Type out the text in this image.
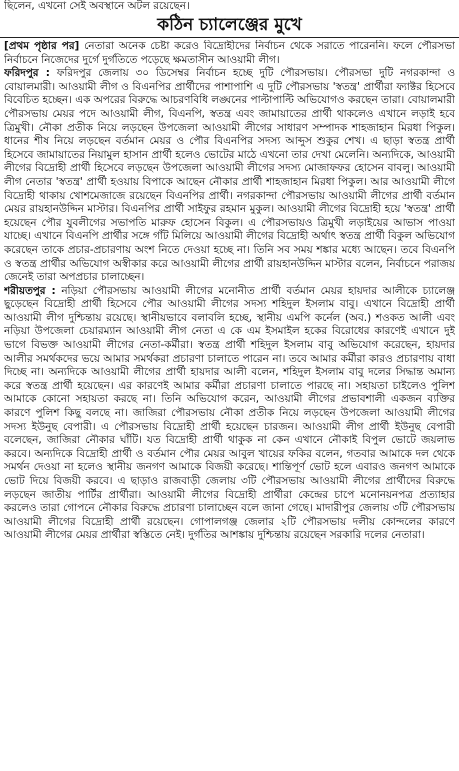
ছিলেন, এখনো সেই অবস্থানে অটল রয়েছেন।
কঠিন চ্যালেঞ্জের মুখে

[প্রথম পৃষ্ঠার পর] নেতারা অনেক চেষ্টা করেও বিদ্রোহীদের নির্বাচন থেকে সরাতে পারেননি। ফলে পৌরসভা নির্বাচনে নিজেদের দুর্গে দুর্গতিতে পড়েছে ক্ষমতাসীন আওয়ামী লীগ।

ফরিদপুর : ফরিদপুর জেলায় ৩০ ডিসেম্বর নির্বাচন হচ্ছে দুটি পৌরসভায়। পৌরসভা দুটি নগরকান্দা ও বোয়ালমারী। আওয়ামী লীগ ও বিএনপির প্রার্থীদের পাশাপাশি এ দুটি পৌরসভায় 'স্বতন্ত্র' প্রার্থীরা ফ্যাক্টর হিসেবে বিবেচিত হচ্ছেন। এক অপরের বিরুদ্ধে আচরণবিধি লঙ্ঘনের পাল্টাপাল্টি অভিযোগও করছেন তারা। বোয়ালমারী পৌরসভায় মেয়র পদে আওয়ামী লীগ, বিএনপি, স্বতন্ত্র এবং জামায়াতের প্রার্থী থাকলেও এখানে লড়াই হবে ত্রিমুখী। নৌকা প্রতীক নিয়ে লড়ছেন উপজেলা আওয়ামী লীগের সাধারণ সম্পাদক শাহজাহান মিরধা পিকুল। ধানের শীষ নিয়ে লড়ছেন বর্তমান মেয়র ও পৌর বিএনপির সদস্য আব্দুস শুকুর শেখ। এ ছাড়া স্বতন্ত্র প্রার্থী হিসেবে জামায়াতের নিয়ামুল হাসান প্রার্থী হলেও ভোটের মাঠে এখনো তার দেখা মেলেনি। অন্যদিকে, আওয়ামী লীগের বিদ্রোহী প্রার্থী হিসেবে লড়ছেন উপজেলা আওয়ামী লীগের সদস্য মোজাফফর হোসেন বাবলু। আওয়ামী লীগ নেতার 'স্বতন্ত্র' প্রার্থী হওয়ায় বিপাকে আছেন নৌকার প্রার্থী শাহজাহান মিরধা পিকুল। আর আওয়ামী লীগে বিদ্রোহী থাকায় খোশমেজাজে রয়েছেন বিএনপির প্রার্থী। নগরকান্দা পৌরসভায় আওয়ামী লীগের প্রার্থী বর্তমান মেয়র রায়হানউদ্দিন মাস্টার। বিএনপির প্রার্থী সাইফুর রহমান মুকুল। আওয়ামী লীগের বিদ্রোহী হয়ে 'স্বতন্ত্র' প্রার্থী হয়েছেন পৌর যুবলীগের সভাপতি মারুফ হোসেন বিকুল। এ পৌরসভায়ও ত্রিমুখী লড়াইয়ের আভাস পাওয়া যাচ্ছে। এখানে বিএনপি প্রার্থীর সঙ্গে গাঁট মিলিয়ে আওয়ামী লীগের বিদ্রোহী অর্থাৎ স্বতন্ত্র প্রার্থী বিকুল অভিযোগ করেছেন তাকে প্রচার-প্রচারণায় অংশ নিতে দেওয়া হচ্ছে না। তিনি সব সময় শঙ্কার মধ্যে আছেন। তবে বিএনপি ও স্বতন্ত্র প্রার্থীর অভিযোগ অস্বীকার করে আওয়ামী লীগের প্রার্থী রায়হানউদ্দিন মাস্টার বলেন, নির্বাচনে পরাজয় জেনেই তারা অপপ্রচার চালাচ্ছেন।

শরীয়তপুর : নড়িয়া পৌরসভায় আওয়ামী লীগের মনোনীত প্রার্থী বর্তমান মেয়র হায়দার আলীকে চ্যালেঞ্জ ছুড়েছেন বিদ্রোহী প্রার্থী হিসেবে পৌর আওয়ামী লীগের সদস্য শহিদুল ইসলাম বাবু। এখানে বিদ্রোহী প্রার্থী আওয়ামী লীগ দুশ্চিন্তায় রয়েছে। স্থানীয়ভাবে বলাবলি হচ্ছে, স্থানীয় এমপি কর্নেল (অব.) শওকত আলী এবং নড়িয়া উপজেলা চেয়ারম্যান আওয়ামী লীগ নেতা এ কে এম ইসমাইল হকের বিরোধের কারণেই এখানে দুই ভাগে বিভক্ত আওয়ামী লীগের নেতা-কর্মীরা। স্বতন্ত্র প্রার্থী শহিদুল ইসলাম বাবু অভিযোগ করেছেন, হায়দার আলীর সমর্থকদের ভয়ে আমার সমর্থকরা প্রচারণা চালাতে পারেন না। তবে আমার কর্মীরা কারও প্রচারণায় বাধা দিচ্ছে না। অন্যদিকে আওয়ামী লীগের প্রার্থী হায়দার আলী বলেন, শহিদুল ইসলাম বাবু দলের সিদ্ধান্ত অমান্য করে স্বতন্ত্র প্রার্থী হয়েছেন। এর কারণেই আমার কর্মীরা প্রচারণা চালাতে পারছে না। সহায়তা চাইলেও পুলিশ আমাকে কোনো সহায়তা করছে না। তিনি অভিযোগ করেন, আওয়ামী লীগের প্রভাবশালী একজন ব্যক্তির কারণে পুলিশ কিছু বলছে না। জাজিরা পৌরসভায় নৌকা প্রতীক নিয়ে লড়ছেন উপজেলা আওয়ামী লীগের সদস্য ইউনুছ বেপারী। এ পৌরসভায় বিদ্রোহী প্রার্থী হয়েছেন চারজন। আওয়ামী লীগ প্রার্থী ইউনুছ বেপারী বলেছেন, জাজিরা নৌকার ঘাঁটি। যত বিদ্রোহী প্রার্থী থাকুক না কেন এখানে নৌকাই বিপুল ভোটে জয়লাভ করবে। অন্যদিকে বিদ্রোহী প্রার্থী ও বর্তমান পৌর মেয়র আবুল খায়ের ফকির বলেন, গতবার আমাকে দল থেকে সমর্থন দেওয়া না হলেও স্থানীয় জনগণ আমাকে বিজয়ী করেছে। শান্তিপূর্ণ ভোট হলে এবারও জনগণ আমাকে ভোট দিয়ে বিজয়ী করবে। এ ছাড়াও রাজবাড়ী জেলায় ৩টি পৌরসভায় আওয়ামী লীগের প্রার্থীদের বিরুদ্ধে লড়ছেন জাতীয় পার্টির প্রার্থীরা। আওয়ামী লীগের বিদ্রোহী প্রার্থীরা কেন্দ্রের চাপে মনোনয়নপত্র প্রত্যাহার করলেও তারা গোপনে নৌকার বিরুদ্ধে প্রচারণা চালাচ্ছেন বলে জানা গেছে। মাদারীপুর জেলায় ৩টি পৌরসভায় আওয়ামী লীগের বিদ্রোহী প্রার্থী রয়েছেন। গোপালগঞ্জ জেলার ২টি পৌরসভায় দলীয় কোন্দলের কারণে আওয়ামী লীগের মেয়র প্রার্থীরা স্বস্তিতে নেই। দুর্গতির আশঙ্কায় দুশ্চিন্তায় রয়েছেন সরকারি দলের নেতারা।
